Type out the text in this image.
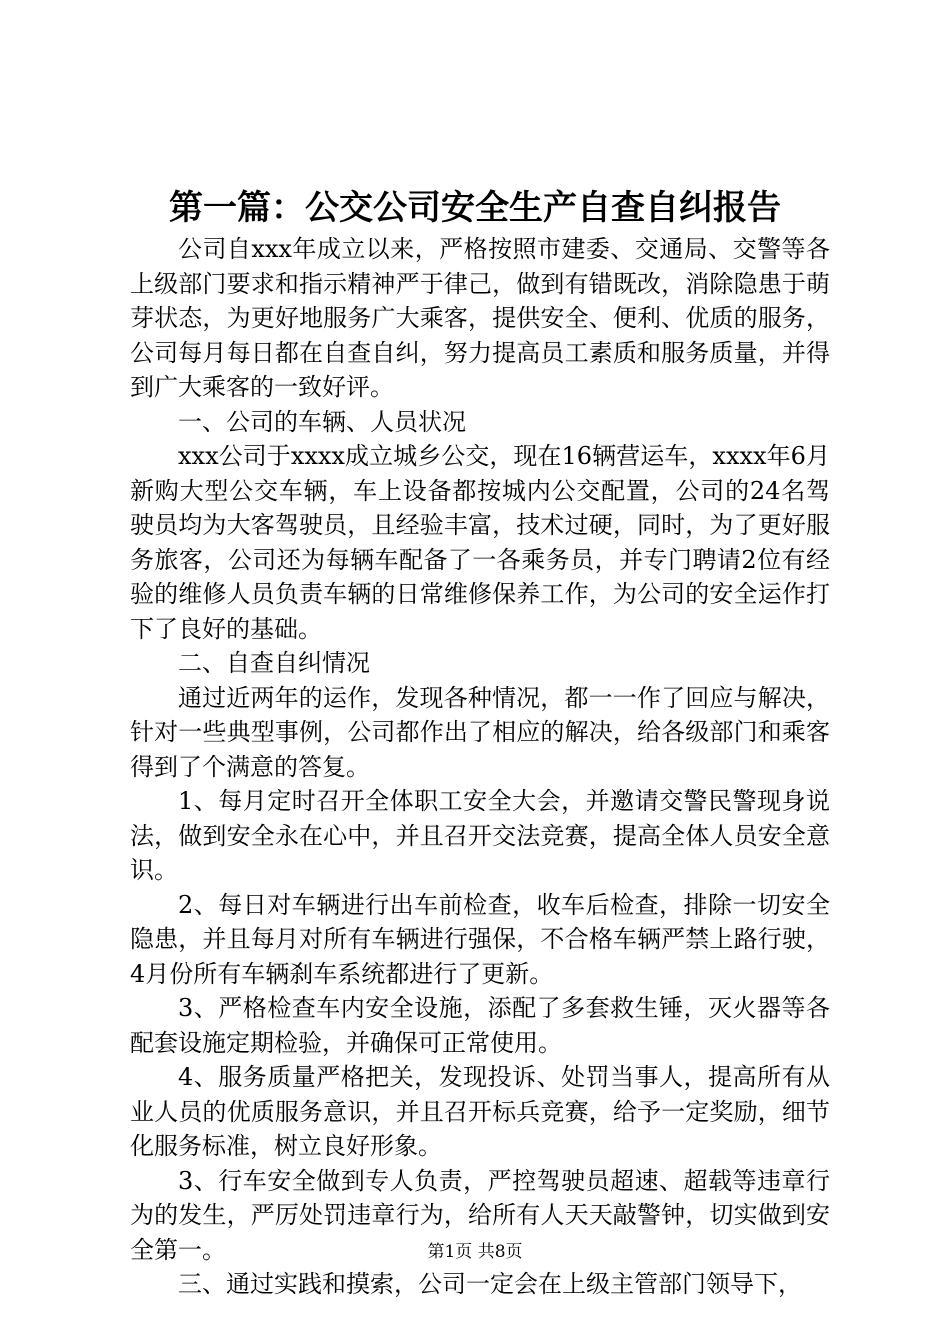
第一篇：公交公司安全生产自查自纠报告

公司自xxx年成立以来，严格按照市建委、交通局、交警等各上级部门要求和指示精神严于律己，做到有错既改，消除隐患于萌芽状态，为更好地服务广大乘客，提供安全、便利、优质的服务，公司每月每日都在自查自纠，努力提高员工素质和服务质量，并得到广大乘客的一致好评。

一、公司的车辆、人员状况

xxx公司于xxxx成立城乡公交，现在16辆营运车，xxxx年6月新购大型公交车辆，车上设备都按城内公交配置，公司的24名驾驶员均为大客驾驶员，且经验丰富，技术过硬，同时，为了更好服务旅客，公司还为每辆车配备了一各乘务员，并专门聘请2位有经验的维修人员负责车辆的日常维修保养工作，为公司的安全运作打下了良好的基础。

二、自查自纠情况

通过近两年的运作，发现各种情况，都一一作了回应与解决，针对一些典型事例，公司都作出了相应的解决，给各级部门和乘客得到了个满意的答复。

1、每月定时召开全体职工安全大会，并邀请交警民警现身说法，做到安全永在心中，并且召开交法竞赛，提高全体人员安全意识。

2、每日对车辆进行出车前检查，收车后检查，排除一切安全隐患，并且每月对所有车辆进行强保，不合格车辆严禁上路行驶，4月份所有车辆刹车系统都进行了更新。

3、严格检查车内安全设施，添配了多套救生锤，灭火器等各配套设施定期检验，并确保可正常使用。

4、服务质量严格把关，发现投诉、处罚当事人，提高所有从业人员的优质服务意识，并且召开标兵竞赛，给予一定奖励，细节化服务标准，树立良好形象。

3、行车安全做到专人负责，严控驾驶员超速、超载等违章行为的发生，严厉处罚违章行为，给所有人天天敲警钟，切实做到安全第一。

三、通过实践和摸索，公司一定会在上级主管部门领导下，

第1页 共8页
